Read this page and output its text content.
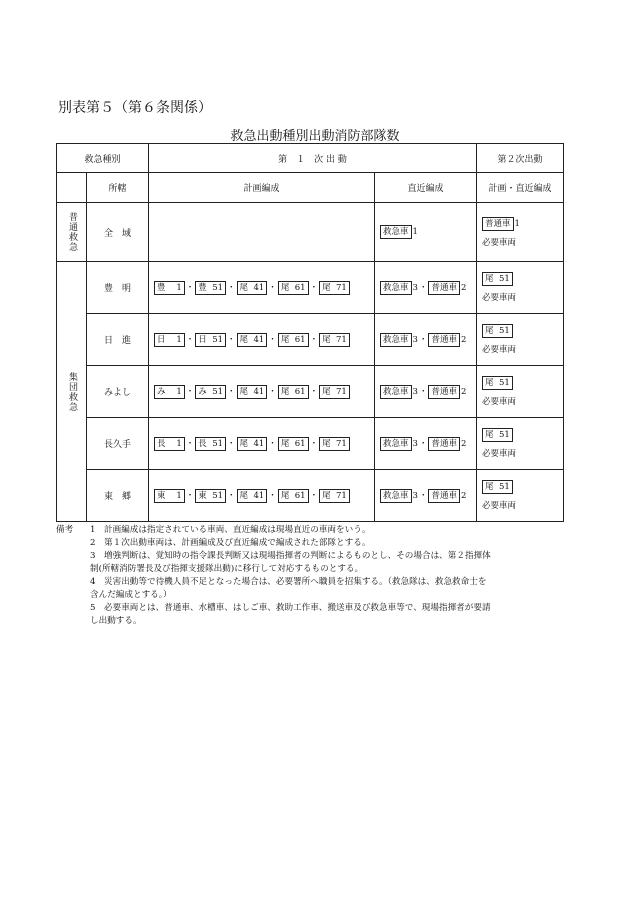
別表第５（第６条関係）
救急出動種別出動消防部隊数
救急種別		第　１　次 出 動		第２次出動
	所轄	計画編成	直近編成	計画・直近編成

普通救急	全　域		救急車 1	普通車 1
必要車両

集団救急	豊　明	豊 1 ・ 豊 51 ・ 尾 41 ・ 尾 61 ・ 尾 71	救急車 3・ 普通車 2	尾 51
必要車両

	日　進	日 1 ・ 日 51 ・ 尾 41 ・ 尾 61 ・ 尾 71	救急車 3・ 普通車 2	尾 51
必要車両

	みよし	み 1 ・ み 51 ・ 尾 41 ・ 尾 61 ・ 尾 71	救急車 3・ 普通車 2	尾 51
必要車両

	長久手	長 1 ・ 長 51 ・ 尾 41 ・ 尾 61 ・ 尾 71	救急車 3・ 普通車 2	尾 51
必要車両

	東　郷	東 1 ・ 東 51 ・ 尾 41 ・ 尾 61 ・ 尾 71	救急車 3・ 普通車 2	尾 51
必要車両
備考	1 計画編成は指定されている車両、直近編成は現場直近の車両をいう。
2 第１次出動車両は、計画編成及び直近編成で編成された部隊とする。
3 増強判断は、覚知時の指令課長判断又は現場指揮者の判断によるものとし、その場合は、第２指揮体
制(所轄消防署長及び指揮支援隊出動)に移行して対応するものとする。
4 災害出動等で待機人員不足となった場合は、必要署所へ職員を招集する。（救急隊は、救急救命士を
含んだ編成とする。）
5 必要車両とは、普通車、水槽車、はしご車、救助工作車、搬送車及び救急車等で、現場指揮者が要請
し出動する。
